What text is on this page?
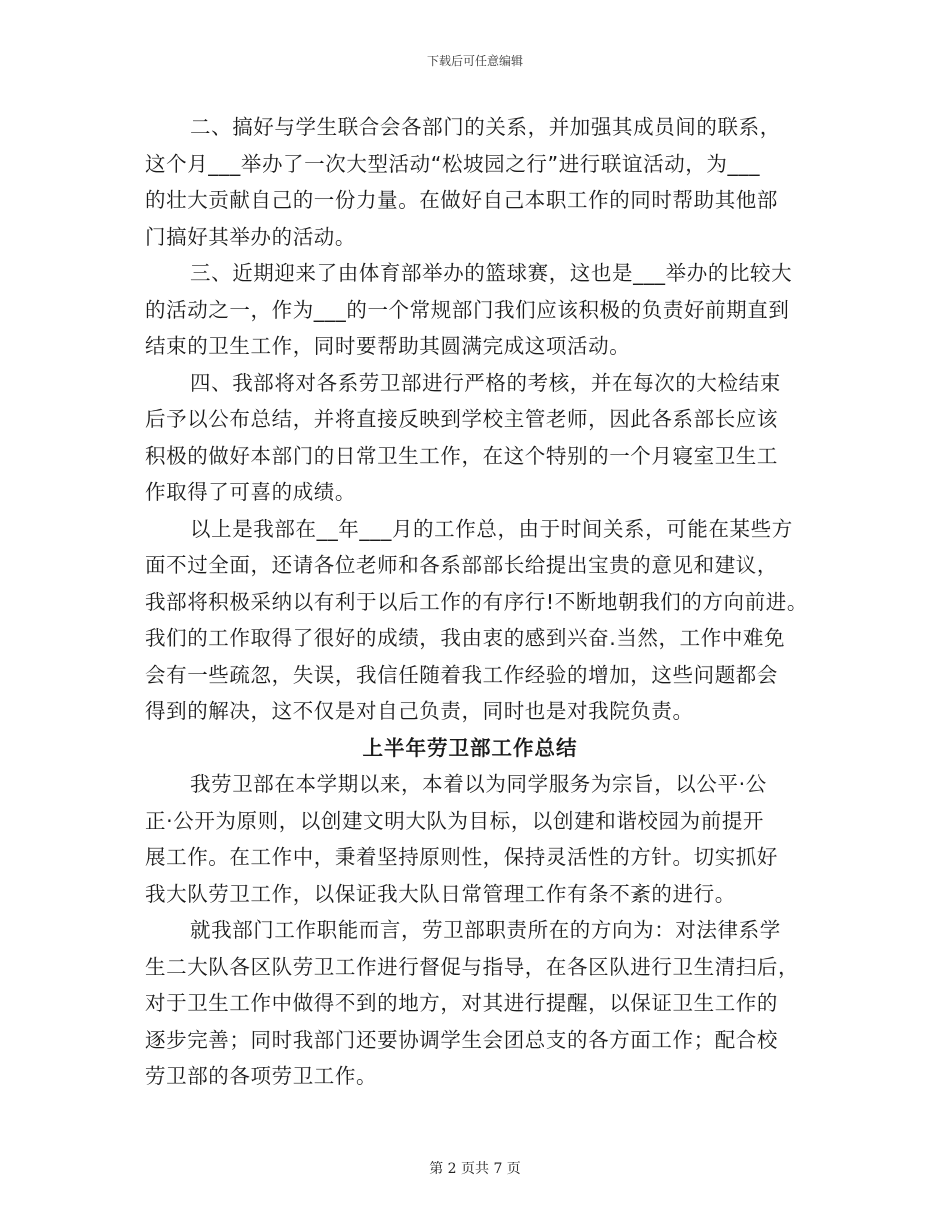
下载后可任意编辑
二、搞好与学生联合会各部门的关系，并加强其成员间的联系，
这个月___举办了一次大型活动“松坡园之行”进行联谊活动，为___
的壮大贡献自己的一份力量。在做好自己本职工作的同时帮助其他部
门搞好其举办的活动。
三、近期迎来了由体育部举办的篮球赛，这也是___举办的比较大
的活动之一，作为___的一个常规部门我们应该积极的负责好前期直到
结束的卫生工作，同时要帮助其圆满完成这项活动。
四、我部将对各系劳卫部进行严格的考核，并在每次的大检结束
后予以公布总结，并将直接反映到学校主管老师，因此各系部长应该
积极的做好本部门的日常卫生工作，在这个特别的一个月寝室卫生工
作取得了可喜的成绩。
以上是我部在__年___月的工作总，由于时间关系，可能在某些方
面不过全面，还请各位老师和各系部部长给提出宝贵的意见和建议，
我部将积极采纳以有利于以后工作的有序行!不断地朝我们的方向前进。
我们的工作取得了很好的成绩，我由衷的感到兴奋.当然，工作中难免
会有一些疏忽，失误，我信任随着我工作经验的增加，这些问题都会
得到的解决，这不仅是对自己负责，同时也是对我院负责。
上半年劳卫部工作总结
我劳卫部在本学期以来，本着以为同学服务为宗旨，以公平·公
正·公开为原则，以创建文明大队为目标，以创建和谐校园为前提开
展工作。在工作中，秉着坚持原则性，保持灵活性的方针。切实抓好
我大队劳卫工作，以保证我大队日常管理工作有条不紊的进行。
就我部门工作职能而言，劳卫部职责所在的方向为：对法律系学
生二大队各区队劳卫工作进行督促与指导，在各区队进行卫生清扫后，
对于卫生工作中做得不到的地方，对其进行提醒，以保证卫生工作的
逐步完善；同时我部门还要协调学生会团总支的各方面工作；配合校
劳卫部的各项劳卫工作。
第 2 页共 7 页
